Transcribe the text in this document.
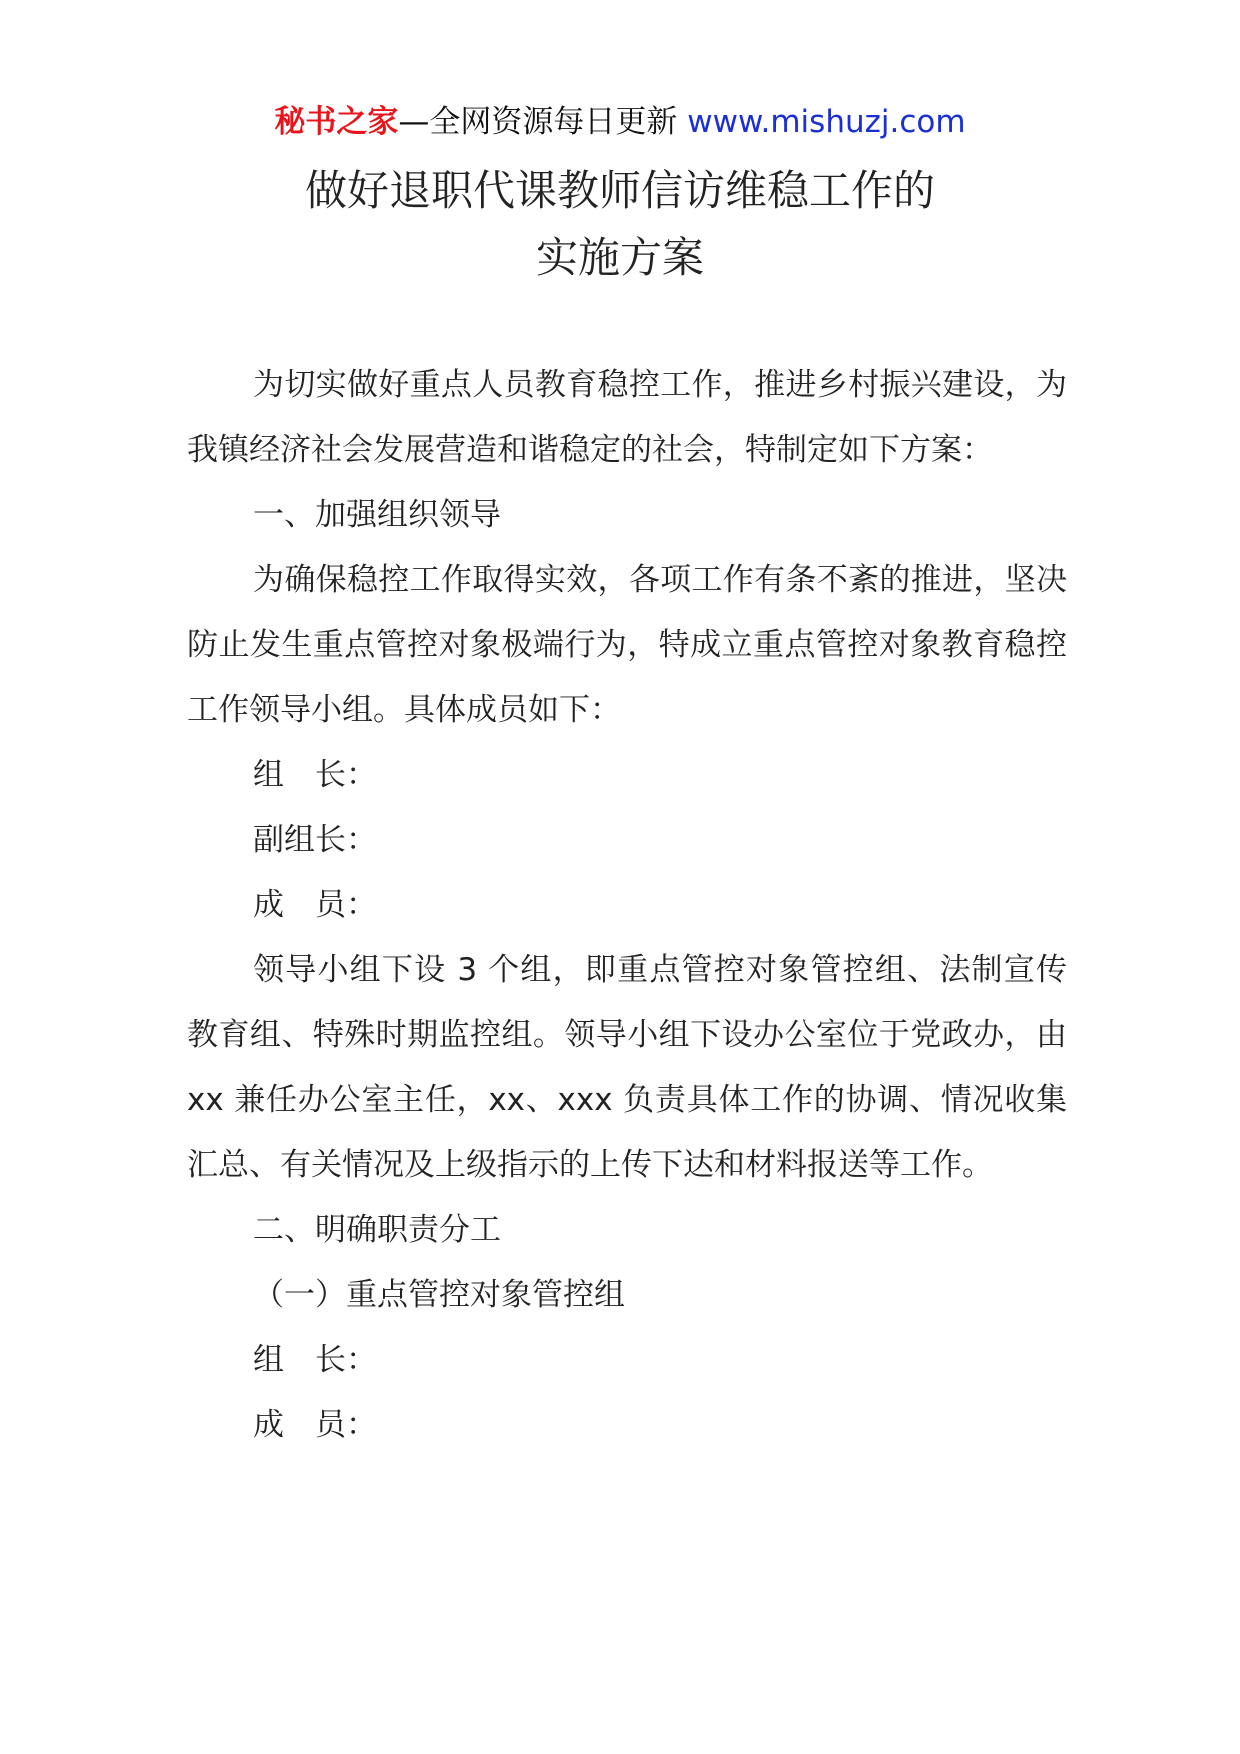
秘书之家—全网资源每日更新 www.mishuzj.com
做好退职代课教师信访维稳工作的
实施方案

为切实做好重点人员教育稳控工作，推进乡村振兴建设，为我镇经济社会发展营造和谐稳定的社会，特制定如下方案：

一、加强组织领导

为确保稳控工作取得实效，各项工作有条不紊的推进，坚决防止发生重点管控对象极端行为，特成立重点管控对象教育稳控工作领导小组。具体成员如下：

组　长：

副组长：

成　员：

领导小组下设 3 个组，即重点管控对象管控组、法制宣传教育组、特殊时期监控组。领导小组下设办公室位于党政办，由 xx 兼任办公室主任，xx、xxx 负责具体工作的协调、情况收集汇总、有关情况及上级指示的上传下达和材料报送等工作。

二、明确职责分工

（一）重点管控对象管控组

组　长：

成　员：
